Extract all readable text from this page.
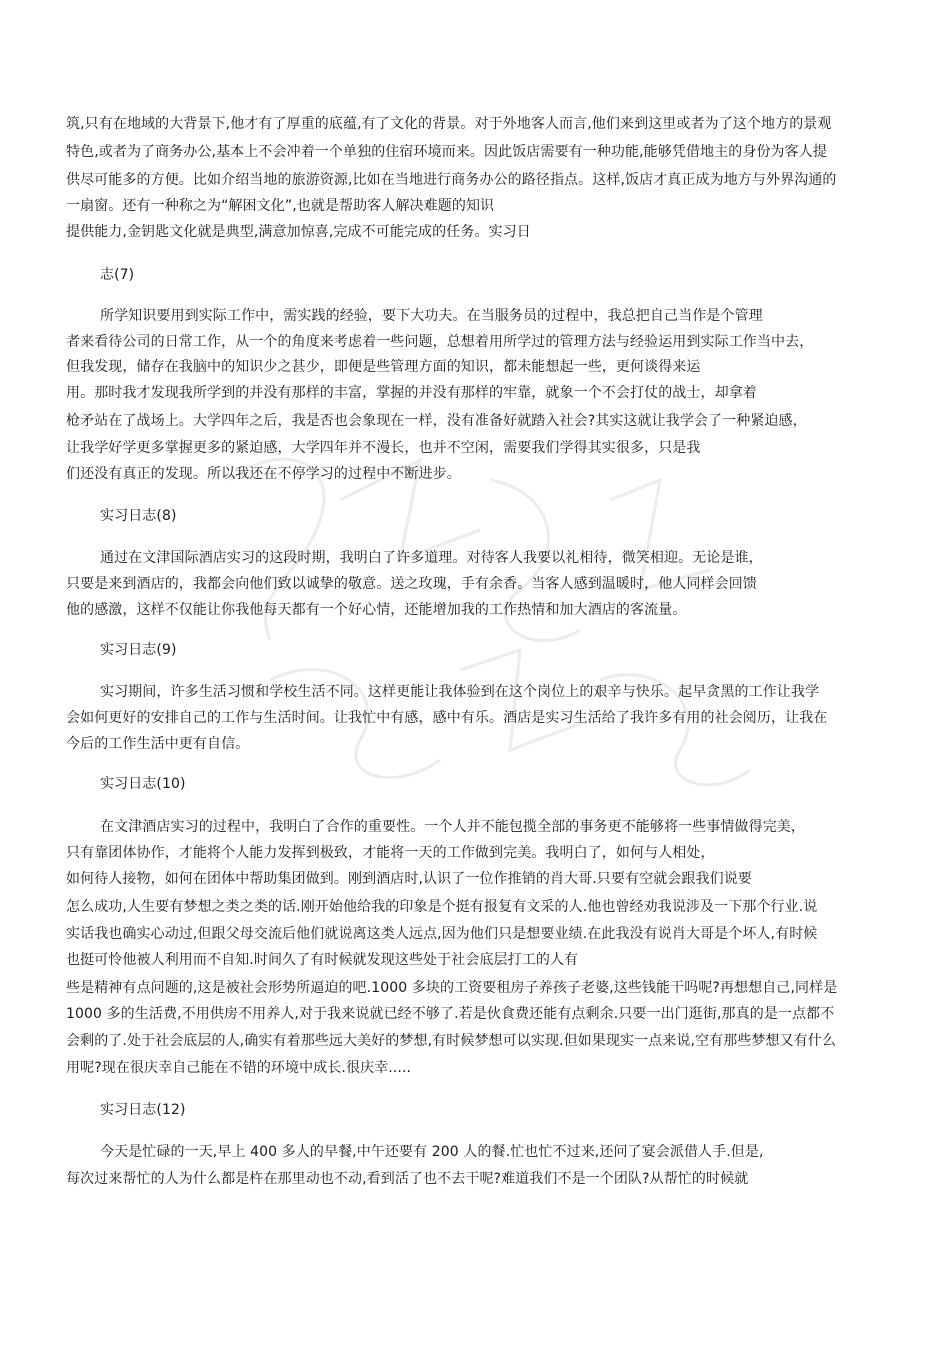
筑,只有在地域的大背景下,他才有了厚重的底蕴,有了文化的背景。对于外地客人而言,他们来到这里或者为了这个地方的景观

特色,或者为了商务办公,基本上不会冲着一个单独的住宿环境而来。因此饭店需要有一种功能,能够凭借地主的身份为客人提

供尽可能多的方便。比如介绍当地的旅游资源,比如在当地进行商务办公的路径指点。这样,饭店才真正成为地方与外界沟通的

一扇窗。还有一种称之为“解困文化”,也就是帮助客人解决难题的知识

提供能力,金钥匙文化就是典型,满意加惊喜,完成不可能完成的任务。实习日

志(7)

所学知识要用到实际工作中，需实践的经验，要下大功夫。在当服务员的过程中，我总把自己当作是个管理

者来看待公司的日常工作，从一个的角度来考虑着一些问题，总想着用所学过的管理方法与经验运用到实际工作当中去，

但我发现，储存在我脑中的知识少之甚少，即便是些管理方面的知识，都未能想起一些，更何谈得来运

用。那时我才发现我所学到的并没有那样的丰富，掌握的并没有那样的牢靠，就象一个不会打仗的战士，却拿着

枪矛站在了战场上。大学四年之后，我是否也会象现在一样，没有准备好就踏入社会?其实这就让我学会了一种紧迫感，

让我学好学更多掌握更多的紧迫感，大学四年并不漫长，也并不空闲，需要我们学得其实很多，只是我

们还没有真正的发现。所以我还在不停学习的过程中不断进步。

实习日志(8)

通过在文津国际酒店实习的这段时期，我明白了许多道理。对待客人我要以礼相待，微笑相迎。无论是谁，

只要是来到酒店的，我都会向他们致以诚挚的敬意。送之玫瑰，手有余香。当客人感到温暖时，他人同样会回馈

他的感激，这样不仅能让你我他每天都有一个好心情，还能增加我的工作热情和加大酒店的客流量。

实习日志(9)

实习期间，许多生活习惯和学校生活不同。这样更能让我体验到在这个岗位上的艰辛与快乐。起早贪黑的工作让我学

会如何更好的安排自己的工作与生活时间。让我忙中有感，感中有乐。酒店是实习生活给了我许多有用的社会阅历，让我在

今后的工作生活中更有自信。

实习日志(10)

在文津酒店实习的过程中，我明白了合作的重要性。一个人并不能包揽全部的事务更不能够将一些事情做得完美，

只有靠团体协作，才能将个人能力发挥到极致，才能将一天的工作做到完美。我明白了，如何与人相处，

如何待人接物，如何在团体中帮助集团做到。刚到酒店时,认识了一位作推销的肖大哥.只要有空就会跟我们说要

怎么成功,人生要有梦想之类之类的话.刚开始他给我的印象是个挺有报复有文采的人.他也曾经劝我说涉及一下那个行业.说

实话我也确实心动过,但跟父母交流后他们就说离这类人远点,因为他们只是想要业绩.在此我没有说肖大哥是个坏人,有时候

也挺可怜他被人利用而不自知.时间久了有时候就发现这些处于社会底层打工的人有

些是精神有点问题的,这是被社会形势所逼迫的吧.1000 多块的工资要租房子养孩子老婆,这些钱能干吗呢?再想想自己,同样是

1000 多的生活费,不用供房不用养人,对于我来说就已经不够了.若是伙食费还能有点剩余.只要一出门逛街,那真的是一点都不

会剩的了.处于社会底层的人,确实有着那些远大美好的梦想,有时候梦想可以实现.但如果现实一点来说,空有那些梦想又有什么

用呢?现在很庆幸自己能在不错的环境中成长.很庆幸.....

实习日志(12)

今天是忙碌的一天,早上 400 多人的早餐,中午还要有 200 人的餐.忙也忙不过来,还问了宴会派借人手.但是,

每次过来帮忙的人为什么都是杵在那里动也不动,看到活了也不去干呢?难道我们不是一个团队?从帮忙的时候就
